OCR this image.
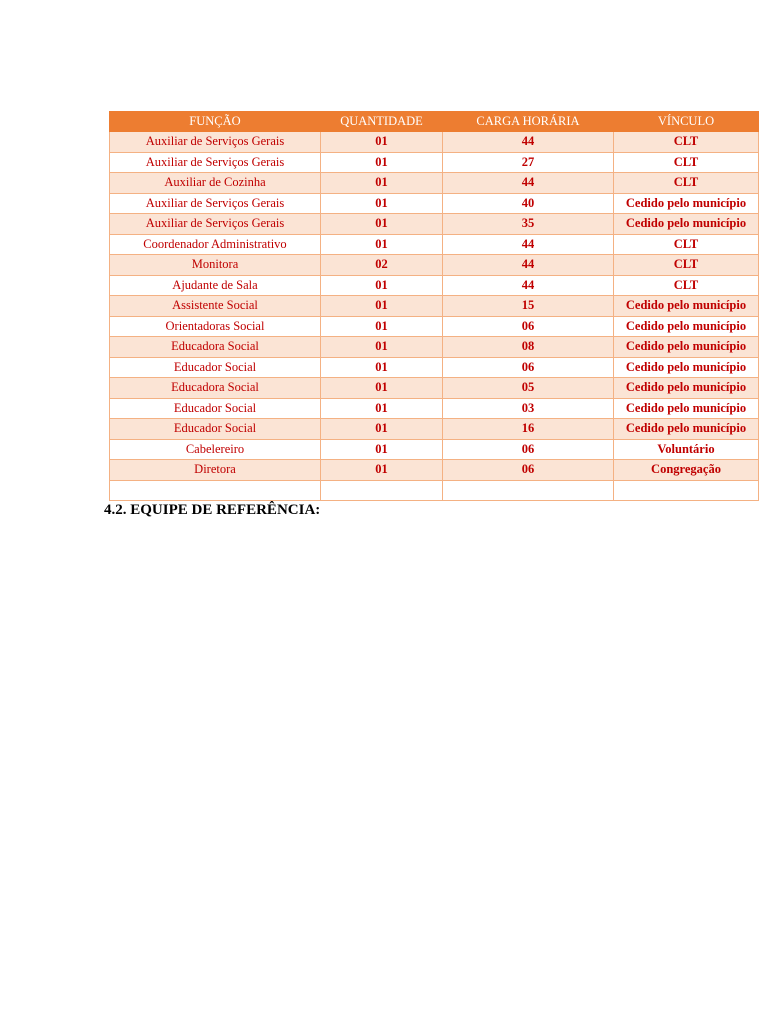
FUNÇÃO	QUANTIDADE	CARGA HORÁRIA	VÍNCULO
Auxiliar de Serviços Gerais	01	44	CLT
Auxiliar de Serviços Gerais	01	27	CLT
Auxiliar de Cozinha	01	44	CLT
Auxiliar de Serviços Gerais	01	40	Cedido pelo município
Auxiliar de Serviços Gerais	01	35	Cedido pelo município
Coordenador Administrativo	01	44	CLT
Monitora	02	44	CLT
Ajudante de Sala	01	44	CLT
Assistente Social	01	15	Cedido pelo município
Orientadoras Social	01	06	Cedido pelo município
Educadora Social	01	08	Cedido pelo município
Educador Social	01	06	Cedido pelo município
Educadora Social	01	05	Cedido pelo município
Educador Social	01	03	Cedido pelo município
Educador Social	01	16	Cedido pelo município
Cabelereiro	01	06	Voluntário
Diretora	01	06	Congregação

4.2. EQUIPE DE REFERÊNCIA:
